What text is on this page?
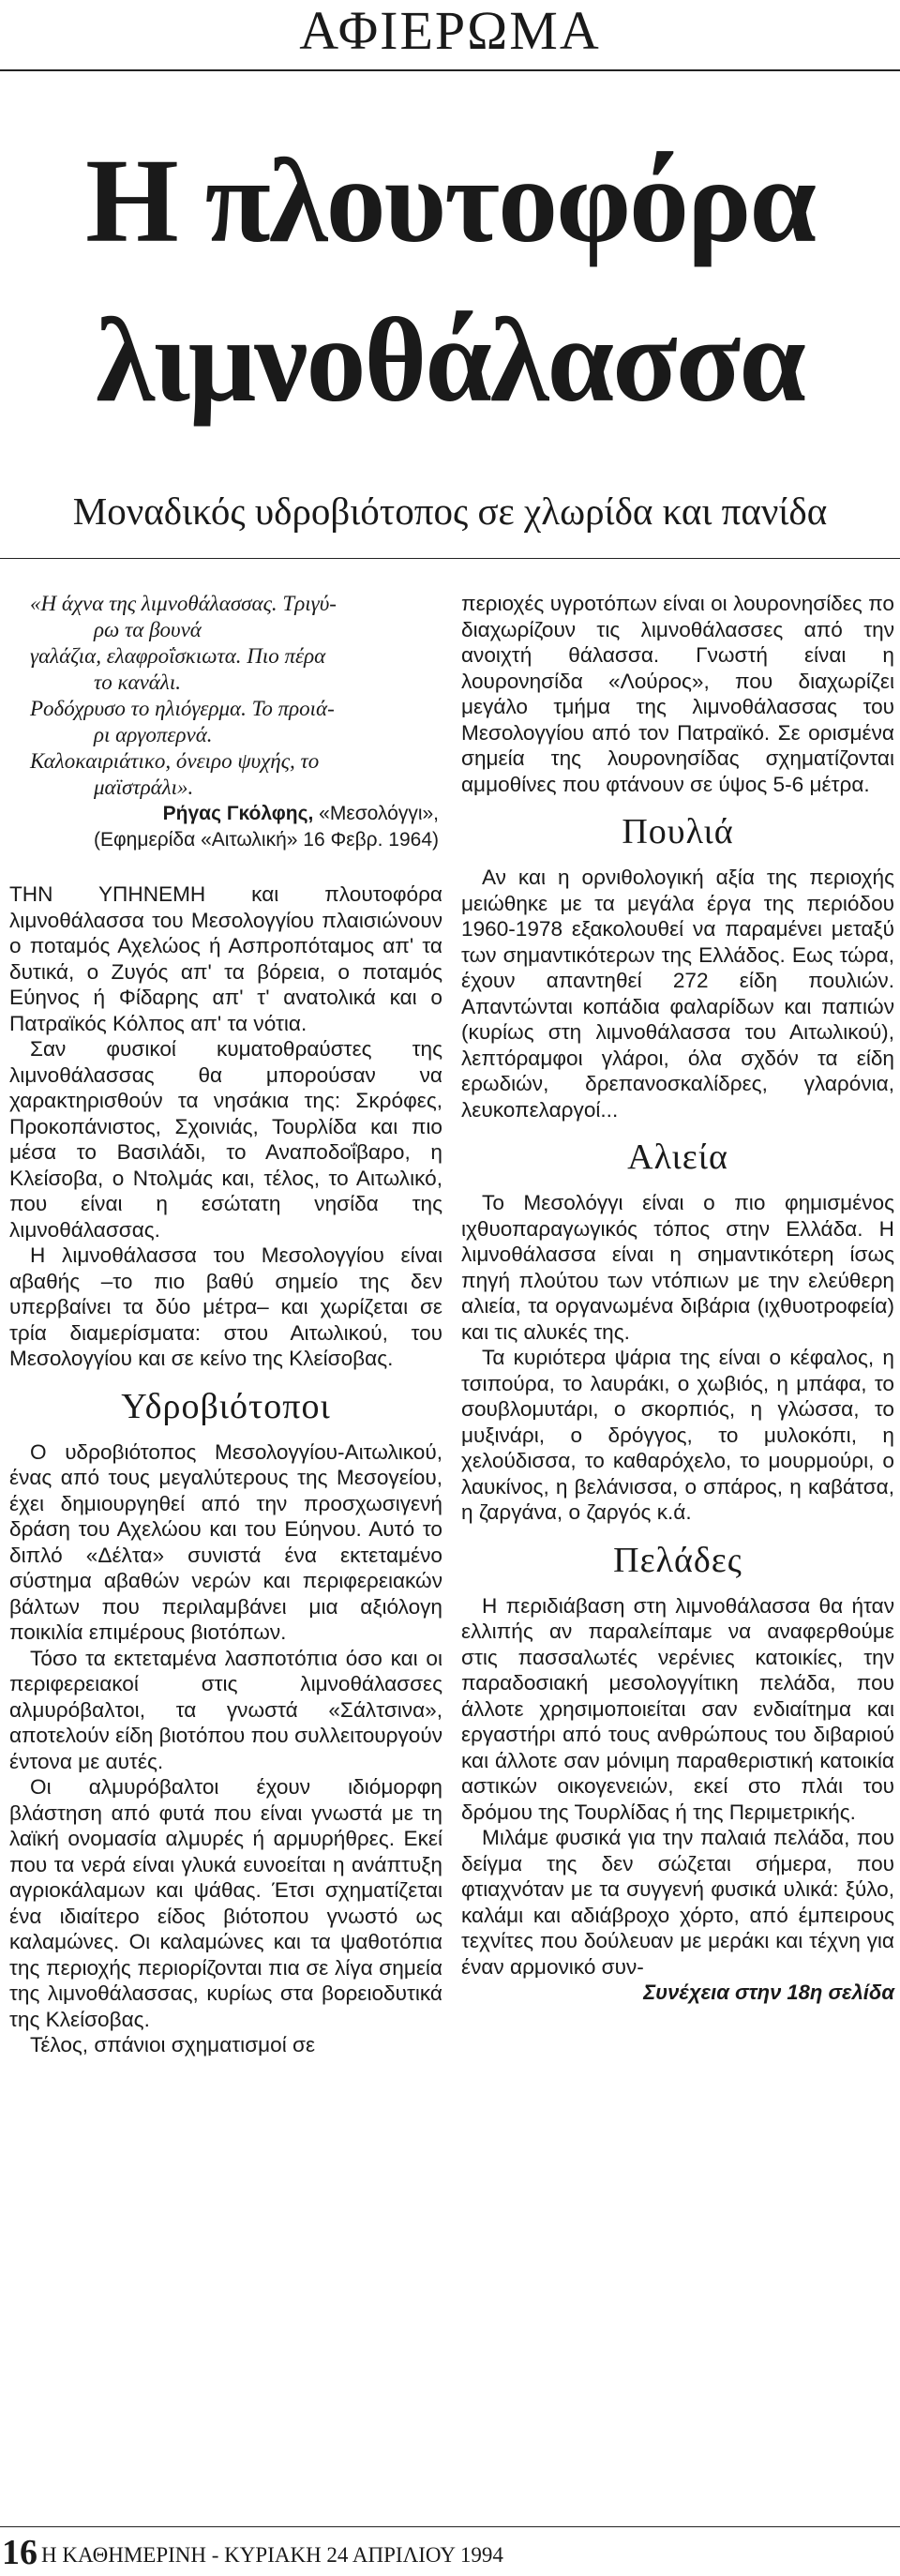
ΑΦΙΕΡΩΜΑ
Η πλουτοφόρα
λιμνοθάλασσα
Μοναδικός υδροβιότοπος σε χλωρίδα και πανίδα
«Η άχνα της λιμνοθάλασσας. Τριγύ-
ρω τα βουνά
γαλάζια, ελαφροΐσκιωτα. Πιο πέρα
το κανάλι.
Ροδόχρυσο το ηλιόγερμα. Το προιά-
ρι αργοπερνά.
Καλοκαιριάτικο, όνειρο ψυχής, το
μαϊστράλι».
Ρήγας Γκόλφης, «Μεσολόγγι»,
(Εφημερίδα «Αιτωλική» 16 Φεβρ. 1964)

ΤΗΝ ΥΠΗΝΕΜΗ και πλουτοφόρα λιμνοθάλασσα του Μεσολογγίου πλαισιώνουν ο ποταμός Αχελώος ή Ασπροπόταμος απ' τα δυτικά, ο Ζυγός απ' τα βόρεια, ο ποταμός Εύηνος ή Φίδαρης απ' τ' ανατολικά και ο Πατραϊκός Κόλπος απ' τα νότια.

Σαν φυσικοί κυματοθραύστες της λιμνοθάλασσας θα μπορούσαν να χαρακτηρισθούν τα νησάκια της: Σκρόφες, Προκοπάνιστος, Σχοινιάς, Τουρλίδα και πιο μέσα το Βασιλάδι, το Αναποδοΐβαρο, η Κλείσοβα, ο Ντολμάς και, τέλος, το Αιτωλικό, που είναι η εσώτατη νησίδα της λιμνοθάλασσας.

Η λιμνοθάλασσα του Μεσολογγίου είναι αβαθής –το πιο βαθύ σημείο της δεν υπερβαίνει τα δύο μέτρα– και χωρίζεται σε τρία διαμερίσματα: στου Αιτωλικού, του Μεσολογγίου και σε κείνο της Κλείσοβας.

Υδροβιότοποι

Ο υδροβιότοπος Μεσολογγίου-Αιτωλικού, ένας από τους μεγαλύτερους της Μεσογείου, έχει δημιουργηθεί από την προσχωσιγενή δράση του Αχελώου και του Εύηνου. Αυτό το διπλό «Δέλτα» συνιστά ένα εκτεταμένο σύστημα αβαθών νερών και περιφερειακών βάλτων που περιλαμβάνει μια αξιόλογη ποικιλία επιμέρους βιοτόπων.

Τόσο τα εκτεταμένα λασποτόπια όσο και οι περιφερειακοί στις λιμνοθάλασσες αλμυρόβαλτοι, τα γνωστά «Σάλτσινα», αποτελούν είδη βιοτόπου που συλλειτουργούν έντονα με αυτές.

Οι αλμυρόβαλτοι έχουν ιδιόμορφη βλάστηση από φυτά που είναι γνωστά με τη λαϊκή ονομασία αλμυρές ή αρμυρήθρες. Εκεί που τα νερά είναι γλυκά ευνοείται η ανάπτυξη αγριοκάλαμων και ψάθας. Έτσι σχηματίζεται ένα ιδιαίτερο είδος βιότοπου γνωστό ως καλαμώνες. Οι καλαμώνες και τα ψαθοτόπια της περιοχής περιορίζονται πια σε λίγα σημεία της λιμνοθάλασσας, κυρίως στα βορειοδυτικά της Κλείσοβας.

Τέλος, σπάνιοι σχηματισμοί σε

περιοχές υγροτόπων είναι οι λουρονησίδες πο διαχωρίζουν τις λιμνοθάλασσες από την ανοιχτή θάλασσα. Γνωστή είναι η λουρονησίδα «Λούρος», που διαχωρίζει μεγάλο τμήμα της λιμνοθάλασσας του Μεσολογγίου από τον Πατραϊκό. Σε ορισμένα σημεία της λουρονησίδας σχηματίζονται αμμοθίνες που φτάνουν σε ύψος 5-6 μέτρα.

Πουλιά

Αν και η ορνιθολογική αξία της περιοχής μειώθηκε με τα μεγάλα έργα της περιόδου 1960-1978 εξακολουθεί να παραμένει μεταξύ των σημαντικότερων της Ελλάδος. Εως τώρα, έχουν απαντηθεί 272 είδη πουλιών. Απαντώνται κοπάδια φαλαρίδων και παπιών (κυρίως στη λιμνοθάλασσα του Αιτωλικού), λεπτόραμφοι γλάροι, όλα σχδόν τα είδη ερωδιών, δρεπανοσκαλίδρες, γλαρόνια, λευκοπελαργοί...

Αλιεία

Το Μεσολόγγι είναι ο πιο φημισμένος ιχθυοπαραγωγικός τόπος στην Ελλάδα. Η λιμνοθάλασσα είναι η σημαντικότερη ίσως πηγή πλούτου των ντόπιων με την ελεύθερη αλιεία, τα οργανωμένα διβάρια (ιχθυοτροφεία) και τις αλυκές της.

Τα κυριότερα ψάρια της είναι ο κέφαλος, η τσιπούρα, το λαυράκι, ο χωβιός, η μπάφα, το σουβλομυτάρι, ο σκορπιός, η γλώσσα, το μυξινάρι, ο δρόγγος, το μυλοκόπι, η χελούδισσα, το καθαρόχελο, το μουρμούρι, ο λαυκίνος, η βελάνισσα, ο σπάρος, η καβάτσα, η ζαργάνα, ο ζαργός κ.ά.

Πελάδες

Η περιδιάβαση στη λιμνοθάλασσα θα ήταν ελλιπής αν παραλείπαμε να αναφερθούμε στις πασσαλωτές νερένιες κατοικίες, την παραδοσιακή μεσολογγίτικη πελάδα, που άλλοτε χρησιμοποιείται σαν ενδιαίτημα και εργαστήρι από τους ανθρώπους του διβαριού και άλλοτε σαν μόνιμη παραθεριστική κατοικία αστικών οικογενειών, εκεί στο πλάι του δρόμου της Τουρλίδας ή της Περιμετρικής.

Μιλάμε φυσικά για την παλαιά πελάδα, που δείγμα της δεν σώζεται σήμερα, που φτιαχνόταν με τα συγγενή φυσικά υλικά: ξύλο, καλάμι και αδιάβροχο χόρτο, από έμπειρους τεχνίτες που δούλευαν με μεράκι και τέχνη για έναν αρμονικό συν-

Συνέχεια στην 18η σελίδα
16 Η ΚΑΘΗΜΕΡΙΝΗ - ΚΥΡΙΑΚΗ 24 ΑΠΡΙΛΙΟΥ 1994
